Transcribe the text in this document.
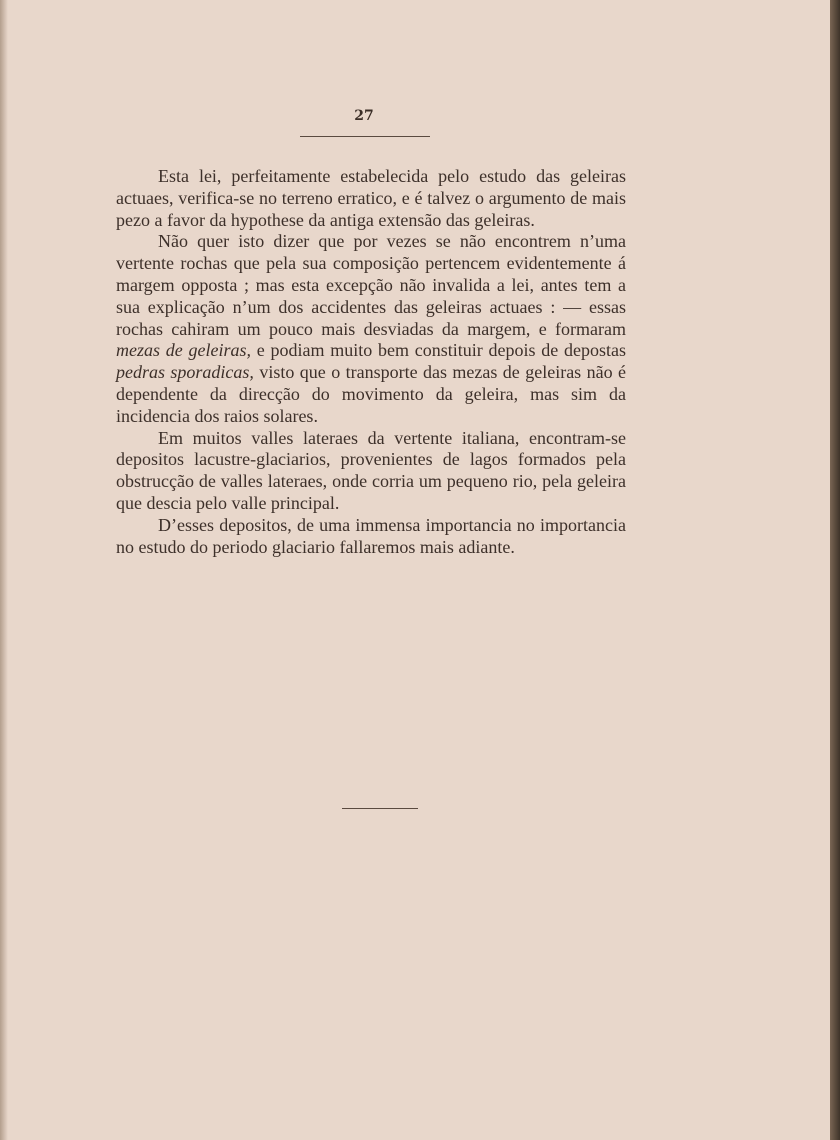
27

Esta lei, perfeitamente estabelecida pelo estudo das geleiras actuaes, verifica-se no terreno erratico, e é talvez o argumento de mais pezo a favor da hypothese da antiga extensão das geleiras.

Não quer isto dizer que por vezes se não encontrem n’uma vertente rochas que pela sua composição pertencem evidentemente á margem opposta ; mas esta excepção não invalida a lei, antes tem a sua explicação n’um dos accidentes das geleiras actuaes : — essas rochas cahiram um pouco mais desviadas da margem, e formaram mezas de geleiras, e podiam muito bem constituir depois de depostas pedras sporadicas, visto que o transporte das mezas de geleiras não é dependente da direcção do movimento da geleira, mas sim da incidencia dos raios solares.

Em muitos valles lateraes da vertente italiana, encontram-se depositos lacustre-glaciarios, provenientes de lagos formados pela obstrucção de valles lateraes, onde corria um pequeno rio, pela geleira que descia pelo valle principal.

D’esses depositos, de uma immensa importancia no importancia no estudo do periodo glaciario fallaremos mais adiante.
